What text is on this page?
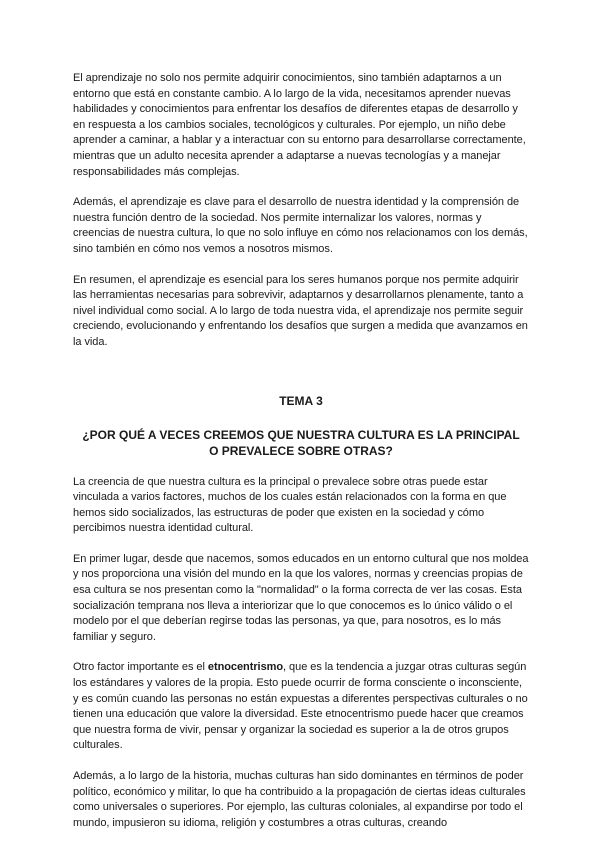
El aprendizaje no solo nos permite adquirir conocimientos, sino también adaptarnos a un entorno que está en constante cambio. A lo largo de la vida, necesitamos aprender nuevas habilidades y conocimientos para enfrentar los desafíos de diferentes etapas de desarrollo y en respuesta a los cambios sociales, tecnológicos y culturales. Por ejemplo, un niño debe aprender a caminar, a hablar y a interactuar con su entorno para desarrollarse correctamente, mientras que un adulto necesita aprender a adaptarse a nuevas tecnologías y a manejar responsabilidades más complejas.

Además, el aprendizaje es clave para el desarrollo de nuestra identidad y la comprensión de nuestra función dentro de la sociedad. Nos permite internalizar los valores, normas y creencias de nuestra cultura, lo que no solo influye en cómo nos relacionamos con los demás, sino también en cómo nos vemos a nosotros mismos.

En resumen, el aprendizaje es esencial para los seres humanos porque nos permite adquirir las herramientas necesarias para sobrevivir, adaptarnos y desarrollarnos plenamente, tanto a nivel individual como social. A lo largo de toda nuestra vida, el aprendizaje nos permite seguir creciendo, evolucionando y enfrentando los desafíos que surgen a medida que avanzamos en la vida.

TEMA 3
¿POR QUÉ A VECES CREEMOS QUE NUESTRA CULTURA ES LA PRINCIPAL O PREVALECE SOBRE OTRAS?

La creencia de que nuestra cultura es la principal o prevalece sobre otras puede estar vinculada a varios factores, muchos de los cuales están relacionados con la forma en que hemos sido socializados, las estructuras de poder que existen en la sociedad y cómo percibimos nuestra identidad cultural.

En primer lugar, desde que nacemos, somos educados en un entorno cultural que nos moldea y nos proporciona una visión del mundo en la que los valores, normas y creencias propias de esa cultura se nos presentan como la "normalidad" o la forma correcta de ver las cosas. Esta socialización temprana nos lleva a interiorizar que lo que conocemos es lo único válido o el modelo por el que deberían regirse todas las personas, ya que, para nosotros, es lo más familiar y seguro.

Otro factor importante es el etnocentrismo, que es la tendencia a juzgar otras culturas según los estándares y valores de la propia. Esto puede ocurrir de forma consciente o inconsciente, y es común cuando las personas no están expuestas a diferentes perspectivas culturales o no tienen una educación que valore la diversidad. Este etnocentrismo puede hacer que creamos que nuestra forma de vivir, pensar y organizar la sociedad es superior a la de otros grupos culturales.

Además, a lo largo de la historia, muchas culturas han sido dominantes en términos de poder político, económico y militar, lo que ha contribuido a la propagación de ciertas ideas culturales como universales o superiores. Por ejemplo, las culturas coloniales, al expandirse por todo el mundo, impusieron su idioma, religión y costumbres a otras culturas, creando
